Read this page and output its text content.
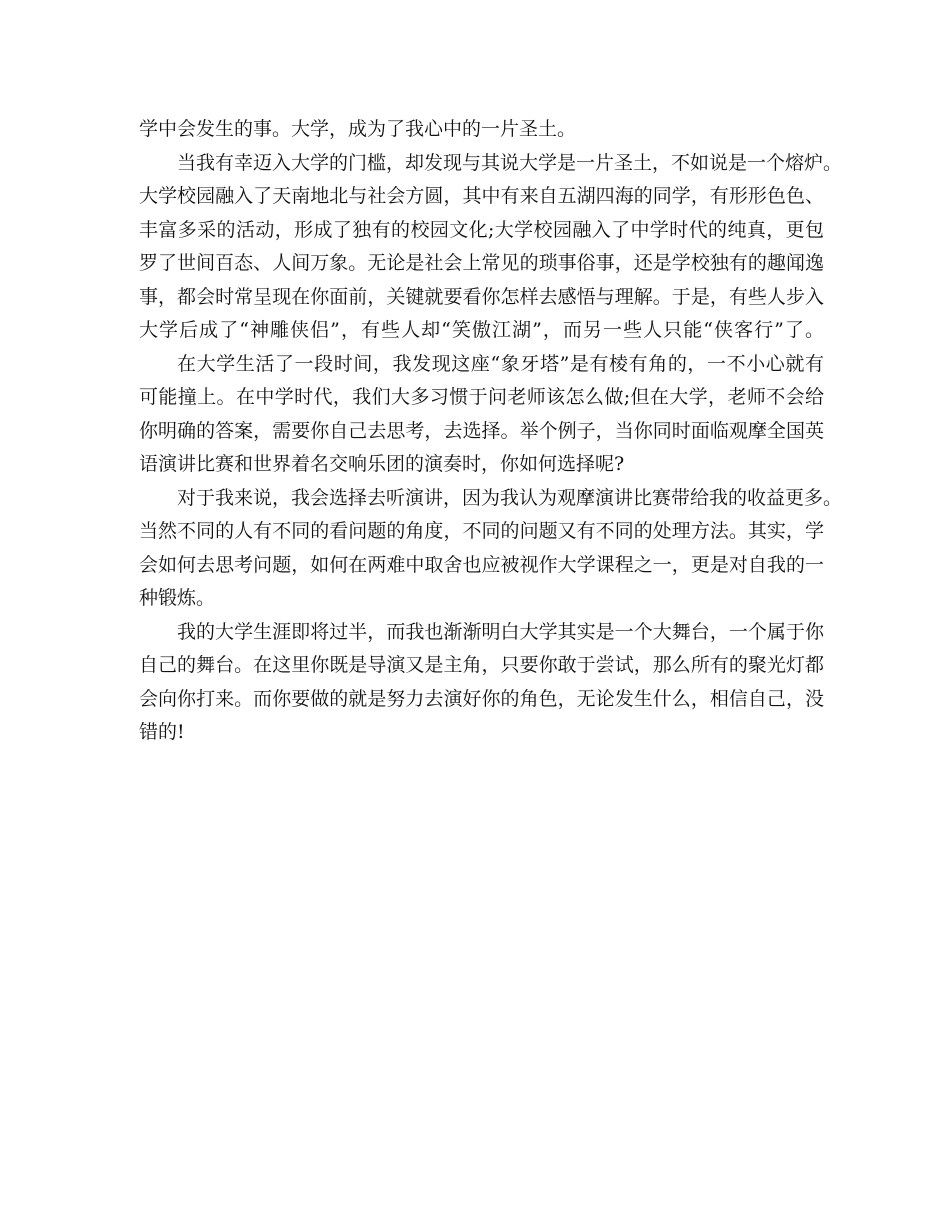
学中会发生的事。大学，成为了我心中的一片圣土。
当我有幸迈入大学的门槛，却发现与其说大学是一片圣土，不如说是一个熔炉。
大学校园融入了天南地北与社会方圆，其中有来自五湖四海的同学，有形形色色、
丰富多采的活动，形成了独有的校园文化;大学校园融入了中学时代的纯真，更包
罗了世间百态、人间万象。无论是社会上常见的琐事俗事，还是学校独有的趣闻逸
事，都会时常呈现在你面前，关键就要看你怎样去感悟与理解。于是，有些人步入
大学后成了“神雕侠侣”，有些人却“笑傲江湖”，而另一些人只能“侠客行”了。
在大学生活了一段时间，我发现这座“象牙塔”是有棱有角的，一不小心就有
可能撞上。在中学时代，我们大多习惯于问老师该怎么做;但在大学，老师不会给
你明确的答案，需要你自己去思考，去选择。举个例子，当你同时面临观摩全国英
语演讲比赛和世界着名交响乐团的演奏时，你如何选择呢?
对于我来说，我会选择去听演讲，因为我认为观摩演讲比赛带给我的收益更多。
当然不同的人有不同的看问题的角度，不同的问题又有不同的处理方法。其实，学
会如何去思考问题，如何在两难中取舍也应被视作大学课程之一，更是对自我的一
种锻炼。
我的大学生涯即将过半，而我也渐渐明白大学其实是一个大舞台，一个属于你
自己的舞台。在这里你既是导演又是主角，只要你敢于尝试，那么所有的聚光灯都
会向你打来。而你要做的就是努力去演好你的角色，无论发生什么，相信自己，没
错的!
